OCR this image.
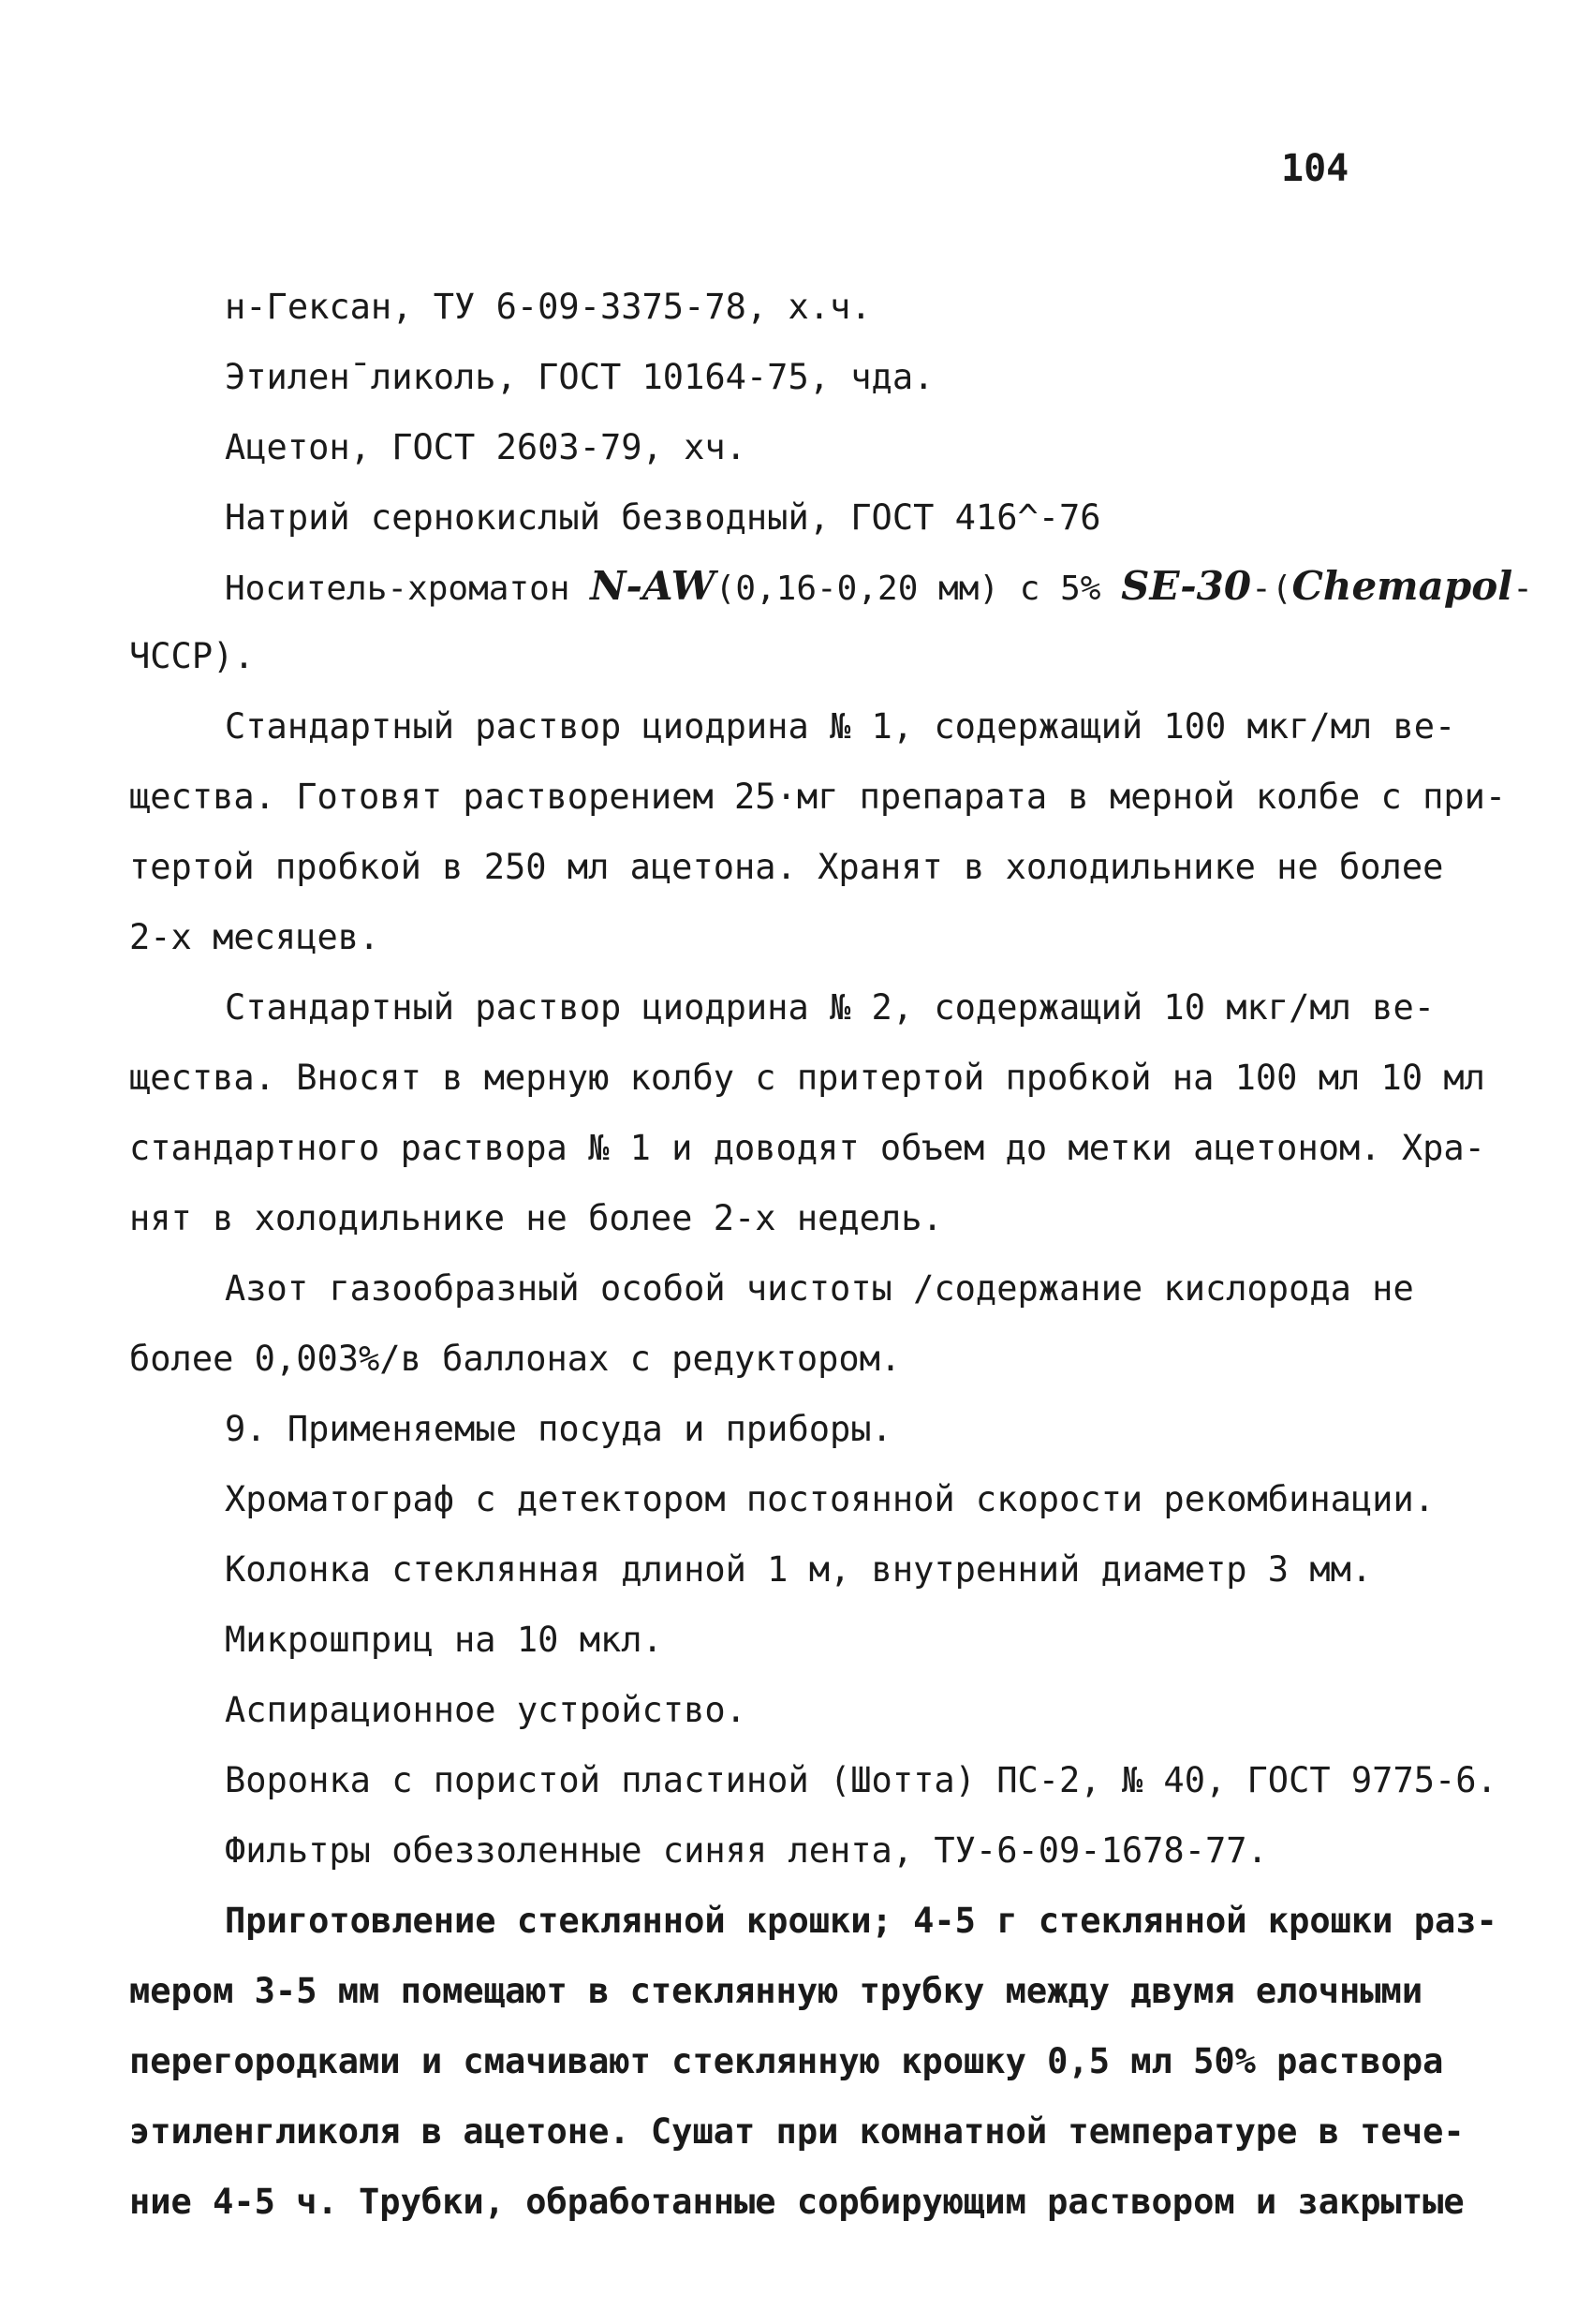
104
н-Гексан, ТУ 6-09-3375-78, х.ч.
Этилен¯ликоль, ГОСТ 10164-75, чда.
Ацетон, ГОСТ 2603-79, хч.
Натрий сернокислый безводный, ГОСТ 416^-76
Носитель-хроматон N-AW(0,16-0,20 мм) с 5% SE-30-(Chemapol-
ЧССР).
Стандартный раствор циодрина № 1, содержащий 100 мкг/мл ве-
щества. Готовят растворением 25·мг препарата в мерной колбе с при-
тертой пробкой в 250 мл ацетона. Хранят в холодильнике не более
2-х месяцев.
Стандартный раствор циодрина № 2, содержащий 10 мкг/мл ве-
щества. Вносят в мерную колбу с притертой пробкой на 100 мл 10 мл
стандартного раствора № 1 и доводят объем до метки ацетоном. Хра-
нят в холодильнике не более 2-х недель.
Азот газообразный особой чистоты /содержание кислорода не
более 0,003%/в баллонах с редуктором.
9. Применяемые посуда и приборы.
Хроматограф с детектором постоянной скорости рекомбинации.
Колонка стеклянная длиной 1 м, внутренний диаметр 3 мм.
Микрошприц на 10 мкл.
Аспирационное устройство.
Воронка с пористой пластиной (Шотта) ПС-2, № 40, ГОСТ 9775-6.
Фильтры обеззоленные синяя лента, ТУ-6-09-1678-77.
Приготовление стеклянной крошки; 4-5 г стеклянной крошки раз-
мером 3-5 мм помещают в стеклянную трубку между двумя елочными
перегородками и смачивают стеклянную крошку 0,5 мл 50% раствора
этиленгликоля в ацетоне. Сушат при комнатной температуре в тече-
ние 4-5 ч. Трубки, обработанные сорбирующим раствором и закрытые
